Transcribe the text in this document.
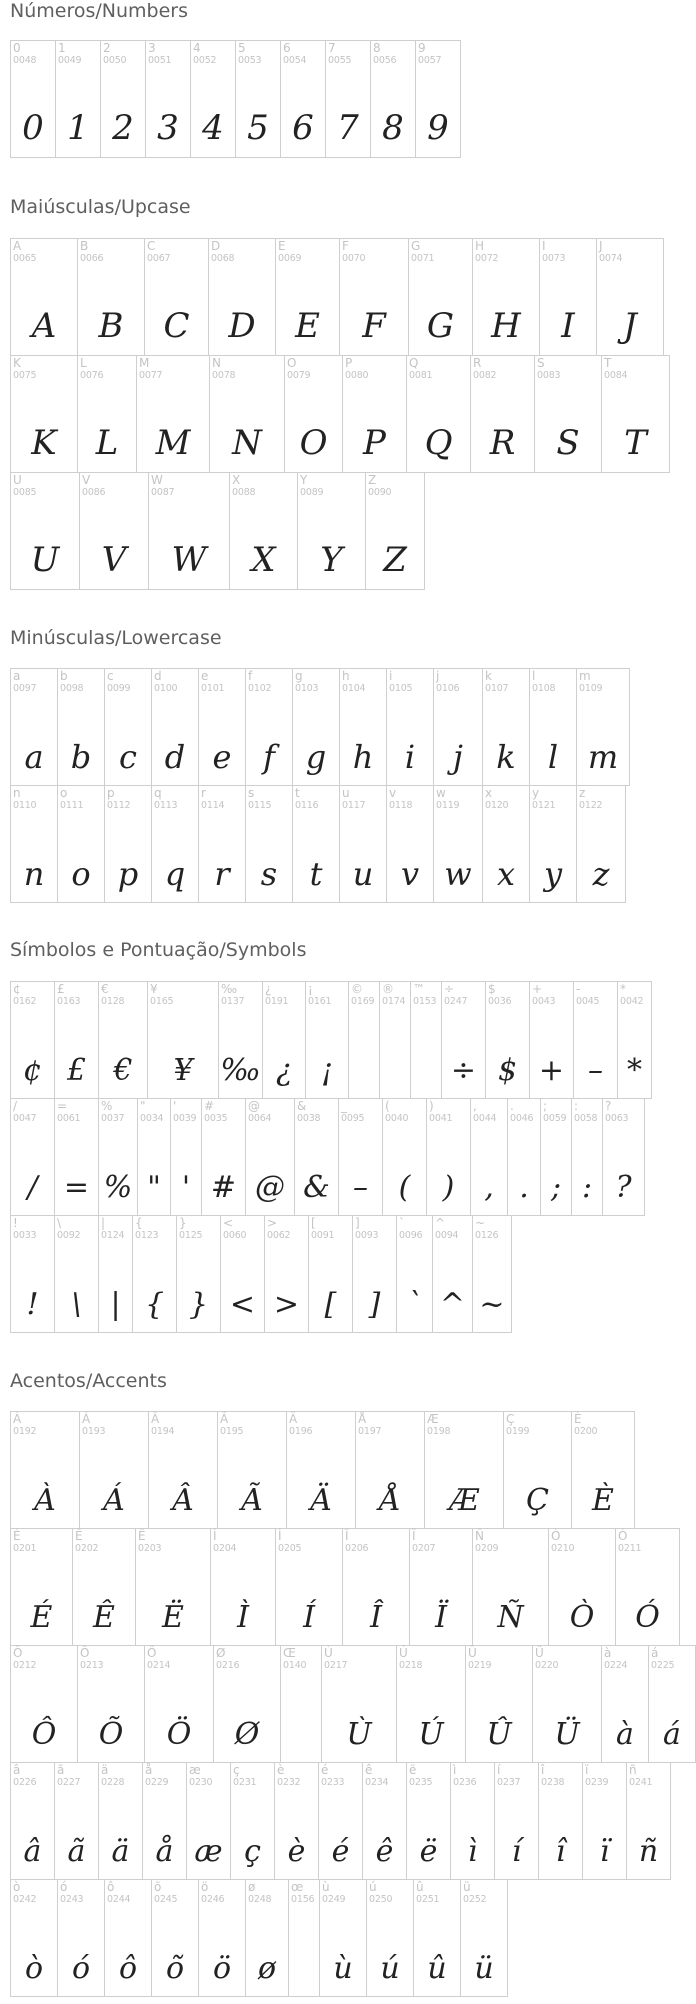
Números/Numbers
0
0048
0
1
0049
1
2
0050
2
3
0051
3
4
0052
4
5
0053
5
6
0054
6
7
0055
7
8
0056
8
9
0057
9
Maiúsculas/Upcase
A
0065
A
B
0066
B
C
0067
C
D
0068
D
E
0069
E
F
0070
F
G
0071
G
H
0072
H
I
0073
I
J
0074
J
K
0075
K
L
0076
L
M
0077
M
N
0078
N
O
0079
O
P
0080
P
Q
0081
Q
R
0082
R
S
0083
S
T
0084
T
U
0085
U
V
0086
V
W
0087
W
X
0088
X
Y
0089
Y
Z
0090
Z
Minúsculas/Lowercase
a
0097
a
b
0098
b
c
0099
c
d
0100
d
e
0101
e
f
0102
f
g
0103
g
h
0104
h
i
0105
i
j
0106
j
k
0107
k
l
0108
l
m
0109
m
n
0110
n
o
0111
o
p
0112
p
q
0113
q
r
0114
r
s
0115
s
t
0116
t
u
0117
u
v
0118
v
w
0119
w
x
0120
x
y
0121
y
z
0122
z
Símbolos e Pontuação/Symbols
¢
0162
¢
£
0163
£
€
0128
€
¥
0165
¥
‰
0137
‰
¿
0191
¿
¡
0161
¡
©
0169
®
0174
™
0153
÷
0247
÷
$
0036
$
+
0043
+
-
0045
–
*
0042
*
/
0047
/
=
0061
=
%
0037
%
"
0034
"
'
0039
'
#
0035
#
@
0064
@
&
0038
&
_
0095
–
(
0040
(
)
0041
)
,
0044
,
.
0046
.
;
0059
;
:
0058
:
?
0063
?
!
0033
!
\
0092
\
|
0124
|
{
0123
{
}
0125
}
<
0060
<
>
0062
>
[
0091
[
]
0093
]
`
0096
`
^
0094
^
~
0126
~
Acentos/Accents
À
0192
À
Á
0193
Á
Â
0194
Â
Ã
0195
Ã
Ä
0196
Ä
Å
0197
Å
Æ
0198
Æ
Ç
0199
Ç
È
0200
È
É
0201
É
Ê
0202
Ê
Ë
0203
Ë
Ì
0204
Ì
Í
0205
Í
Î
0206
Î
Ï
0207
Ï
Ñ
0209
Ñ
Ò
0210
Ò
Ó
0211
Ó
Ô
0212
Ô
Õ
0213
Õ
Ö
0214
Ö
Ø
0216
Ø
Œ
0140
Ù
0217
Ù
Ú
0218
Ú
Û
0219
Û
Ü
0220
Ü
à
0224
à
á
0225
á
â
0226
â
ã
0227
ã
ä
0228
ä
å
0229
å
æ
0230
æ
ç
0231
ç
è
0232
è
é
0233
é
ê
0234
ê
ë
0235
ë
ì
0236
ì
í
0237
í
î
0238
î
ï
0239
ï
ñ
0241
ñ
ò
0242
ò
ó
0243
ó
ô
0244
ô
õ
0245
õ
ö
0246
ö
ø
0248
ø
œ
0156
ù
0249
ù
ú
0250
ú
û
0251
û
ü
0252
ü
